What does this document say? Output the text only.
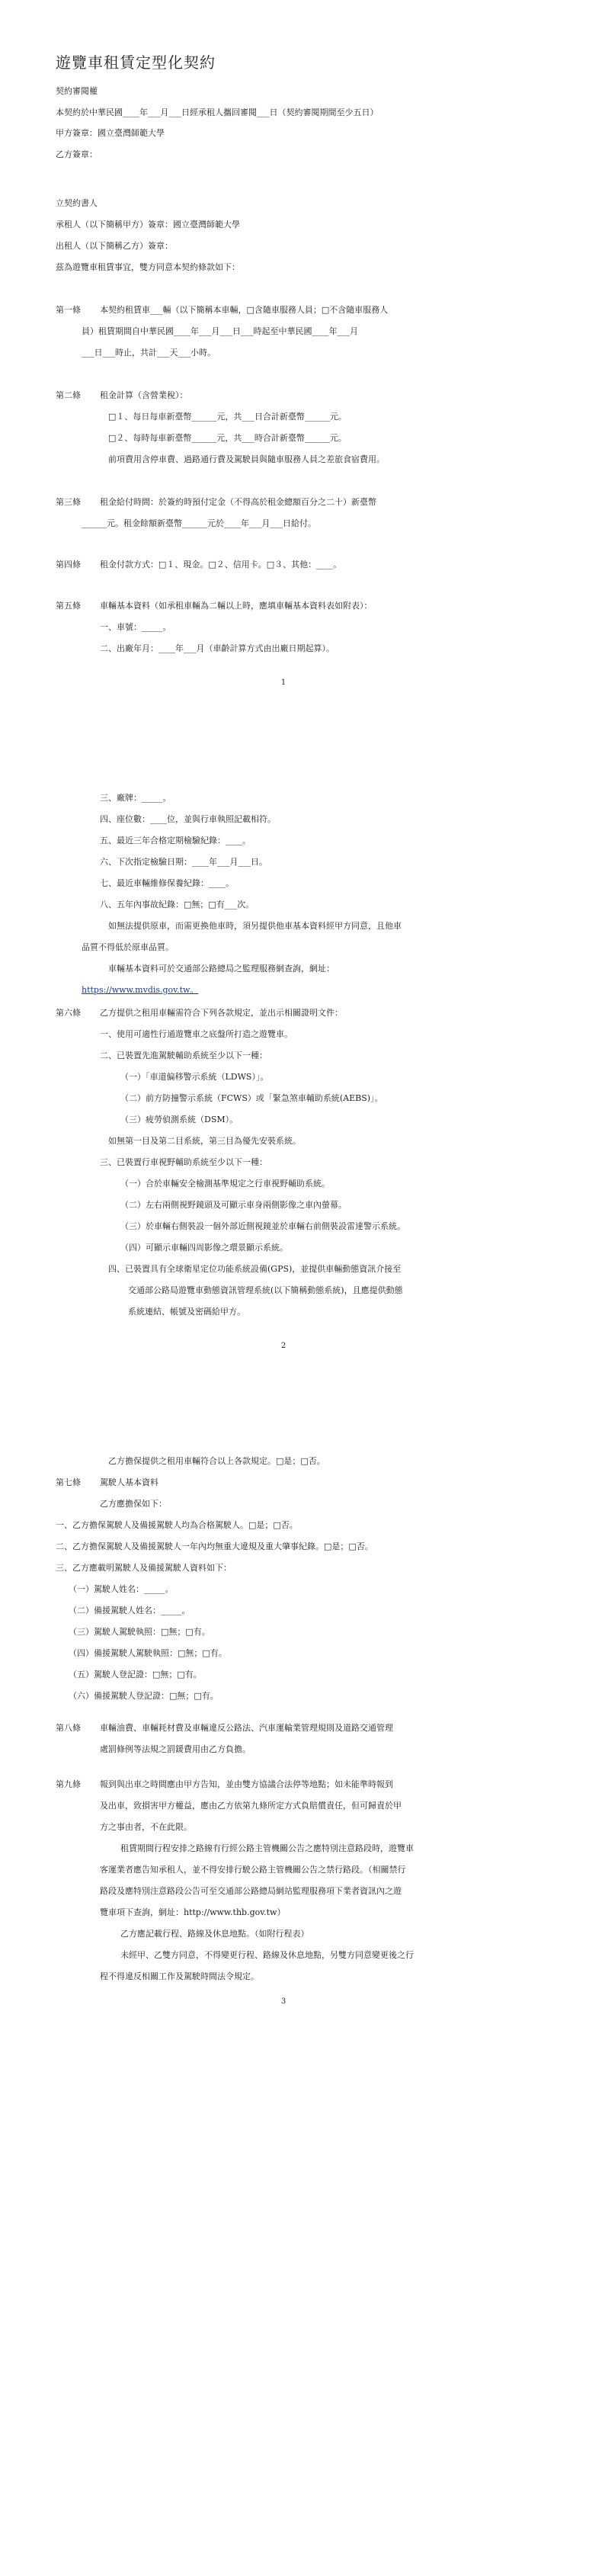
遊覽車租賃定型化契約
契約審閱權
本契約於中華民國____年___月___日經承租人攜回審閱___日（契約審閱期間至少五日）
甲方簽章：國立臺灣師範大學
乙方簽章：
立契約書人
承租人（以下簡稱甲方）簽章：國立臺灣師範大學
出租人（以下簡稱乙方）簽章：
茲為遊覽車租賃事宜，雙方同意本契約條款如下：
第一條 本契約租賃車___輛（以下簡稱本車輛，□含隨車服務人員；□不含隨車服務人
員）租賃期間自中華民國____年___月___日___時起至中華民國____年___月
___日___時止，共計___天___小時。
第二條 租金計算（含營業稅）：
□１、每日每車新臺幣______元，共___日合計新臺幣______元。
□２、每時每車新臺幣______元，共___時合計新臺幣______元。
前項費用含停車費、過路通行費及駕駛員與隨車服務人員之差旅食宿費用。
第三條 租金給付時間：於簽約時預付定金（不得高於租金總額百分之二十）新臺幣
______元。租金餘額新臺幣______元於____年___月___日給付。
第四條 租金付款方式：□１、現金。□２、信用卡。□３、其他：____。
第五條 車輛基本資料（如承租車輛為二輛以上時，應填車輛基本資料表如附表）：
一、車號：_____。
二、出廠年月：____年___月（車齡計算方式由出廠日期起算）。
1
三、廠牌：_____。
四、座位數：____位，並與行車執照記載相符。
五、最近三年合格定期檢驗紀錄：____。
六、下次指定檢驗日期：____年___月___日。
七、最近車輛維修保養紀錄：____。
八、五年內事故紀錄：□無；□有___次。
如無法提供原車，而需更換他車時，須另提供他車基本資料經甲方同意，且他車
品質不得低於原車品質。
車輛基本資料可於交通部公路總局之監理服務網查詢，網址：
https://www.mvdis.gov.tw。
第六條 乙方提供之租用車輛需符合下列各款規定，並出示相關證明文件：
一、使用可適性行通遊覽車之底盤所打造之遊覽車。
二、已裝置先進駕駛輔助系統至少以下一種：
（一）「車道偏移警示系統（LDWS）」。
（二）前方防撞警示系統（FCWS）或「緊急煞車輔助系統(AEBS)」。
（三）疲勞偵測系統（DSM）。
如無第一目及第二目系統，第三目為優先安裝系統。
三、已裝置行車視野輔助系統至少以下一種：
（一）合於車輛安全檢測基準規定之行車視野輔助系統。
（二）左右兩側視野鏡頭及可顯示車身兩側影像之車內螢幕。
（三）於車輛右側裝設一個外部近側視鏡並於車輛右前側裝設雷達警示系統。
（四）可顯示車輛四周影像之環景顯示系統。
四、已裝置具有全球衛星定位功能系統設備(GPS)，並提供車輛動態資訊介接至
交通部公路局遊覽車動態資訊管理系統(以下簡稱動態系統)，且應提供動態
系統連結、帳號及密碼給甲方。
2
乙方擔保提供之租用車輛符合以上各款規定。□是；□否。
第七條 駕駛人基本資料
乙方應擔保如下：
一、乙方擔保駕駛人及備援駕駛人均為合格駕駛人。□是；□否。
二、乙方擔保駕駛人及備援駕駛人一年內均無重大違規及重大肇事紀錄。□是；□否。
三、乙方應載明駕駛人及備援駕駛人資料如下：
（一）駕駛人姓名：_____。
（二）備援駕駛人姓名：_____。
（三）駕駛人駕駛執照：□無；□有。
（四）備援駕駛人駕駛執照：□無；□有。
（五）駕駛人登記證：□無；□有。
（六）備援駕駛人登記證：□無；□有。
第八條 車輛油費、車輛耗材費及車輛違反公路法、汽車運輸業管理規則及道路交通管理
處罰條例等法規之罰鍰費用由乙方負擔。
第九條 報到與出車之時間應由甲方告知，並由雙方協議合法停等地點；如未能準時報到
及出車，致損害甲方權益，應由乙方依第九條所定方式負賠償責任，但可歸責於甲
方之事由者，不在此限。
租賃期間行程安排之路線有行經公路主管機關公告之應特別注意路段時，遊覽車
客運業者應告知承租人，並不得安排行駛公路主管機關公告之禁行路段。（相關禁行
路段及應特別注意路段公告可至交通部公路總局網站監理服務項下業者資訊內之遊
覽車項下查詢，網址：http://www.thb.gov.tw）
乙方應記載行程、路線及休息地點。（如附行程表）
未經甲、乙雙方同意，不得變更行程、路線及休息地點，另雙方同意變更後之行
程不得違反相關工作及駕駛時間法令規定。
3
